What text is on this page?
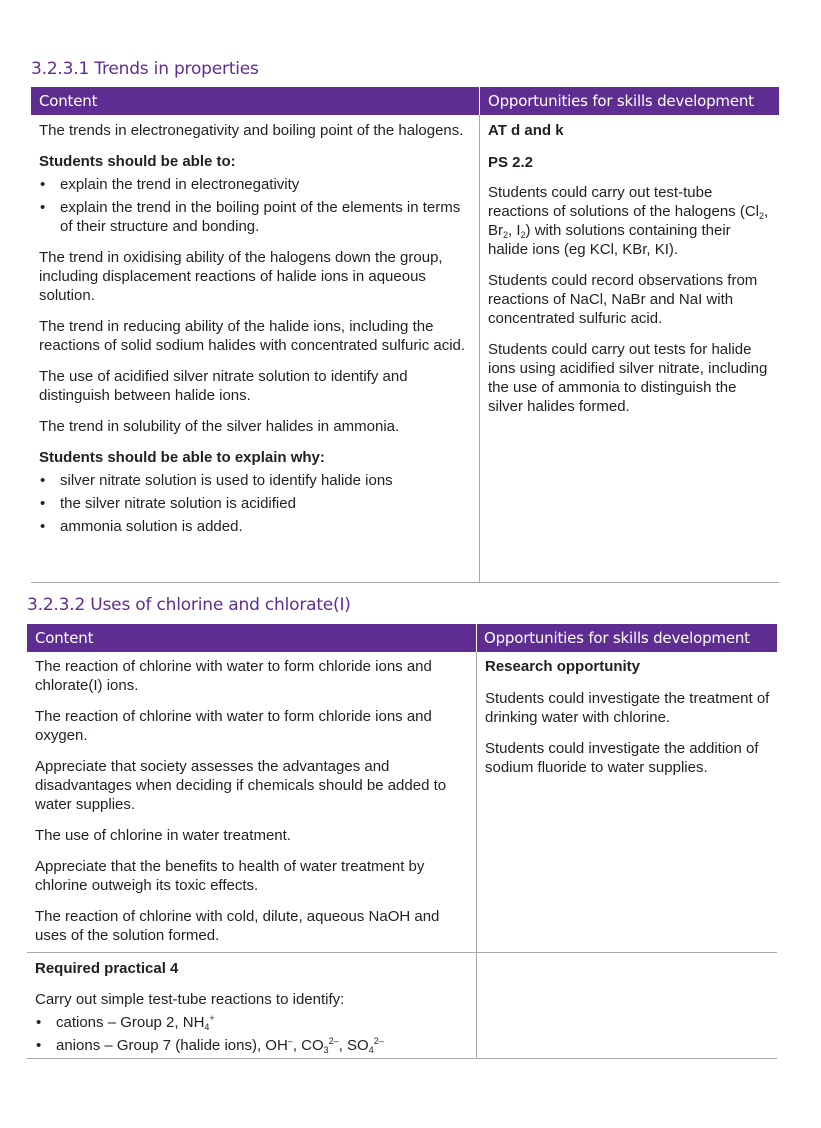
3.2.3.1 Trends in properties
Content	Opportunities for skills development

The trends in electronegativity and boiling point of the halogens.

Students should be able to:

• explain the trend in electronegativity
• explain the trend in the boiling point of the elements in terms of their structure and bonding.

The trend in oxidising ability of the halogens down the group, including displacement reactions of halide ions in aqueous solution.

The trend in reducing ability of the halide ions, including the reactions of solid sodium halides with concentrated sulfuric acid.

The use of acidified silver nitrate solution to identify and distinguish between halide ions.

The trend in solubility of the silver halides in ammonia.

Students should be able to explain why:

• silver nitrate solution is used to identify halide ions
• the silver nitrate solution is acidified
• ammonia solution is added.

AT d and k

PS 2.2

Students could carry out test-tube reactions of solutions of the halogens ($Cl_2$, $Br_2$, $I_2$) with solutions containing their halide ions (eg KCl, KBr, KI).

Students could record observations from reactions of NaCl, NaBr and NaI with concentrated sulfuric acid.

Students could carry out tests for halide ions using acidified silver nitrate, including the use of ammonia to distinguish the silver halides formed.

3.2.3.2 Uses of chlorine and chlorate(I)
Content	Opportunities for skills development

The reaction of chlorine with water to form chloride ions and chlorate(I) ions.

The reaction of chlorine with water to form chloride ions and oxygen.

Appreciate that society assesses the advantages and disadvantages when deciding if chemicals should be added to water supplies.

The use of chlorine in water treatment.

Appreciate that the benefits to health of water treatment by chlorine outweigh its toxic effects.

The reaction of chlorine with cold, dilute, aqueous NaOH and uses of the solution formed.

Research opportunity

Students could investigate the treatment of drinking water with chlorine.

Students could investigate the addition of sodium fluoride to water supplies.

Required practical 4

Carry out simple test-tube reactions to identify:

• cations – Group 2, $NH_4^+$
• anions – Group 7 (halide ions), OH–, $CO_3^{2-}$, $SO_4^{2-}$
